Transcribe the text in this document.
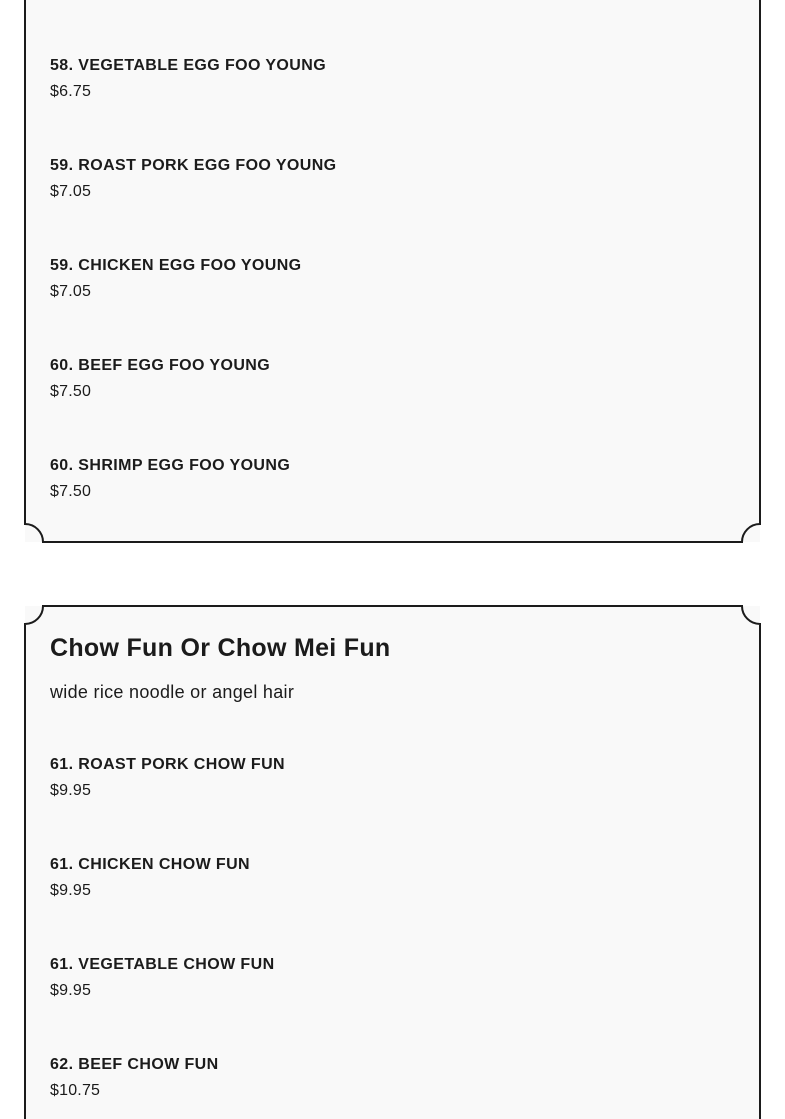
58. VEGETABLE EGG FOO YOUNG
$6.75
59. ROAST PORK EGG FOO YOUNG
$7.05
59. CHICKEN EGG FOO YOUNG
$7.05
60. BEEF EGG FOO YOUNG
$7.50
60. SHRIMP EGG FOO YOUNG
$7.50
Chow Fun Or Chow Mei Fun

wide rice noodle or angel hair

61. ROAST PORK CHOW FUN
$9.95
61. CHICKEN CHOW FUN
$9.95
61. VEGETABLE CHOW FUN
$9.95
62. BEEF CHOW FUN
$10.75
